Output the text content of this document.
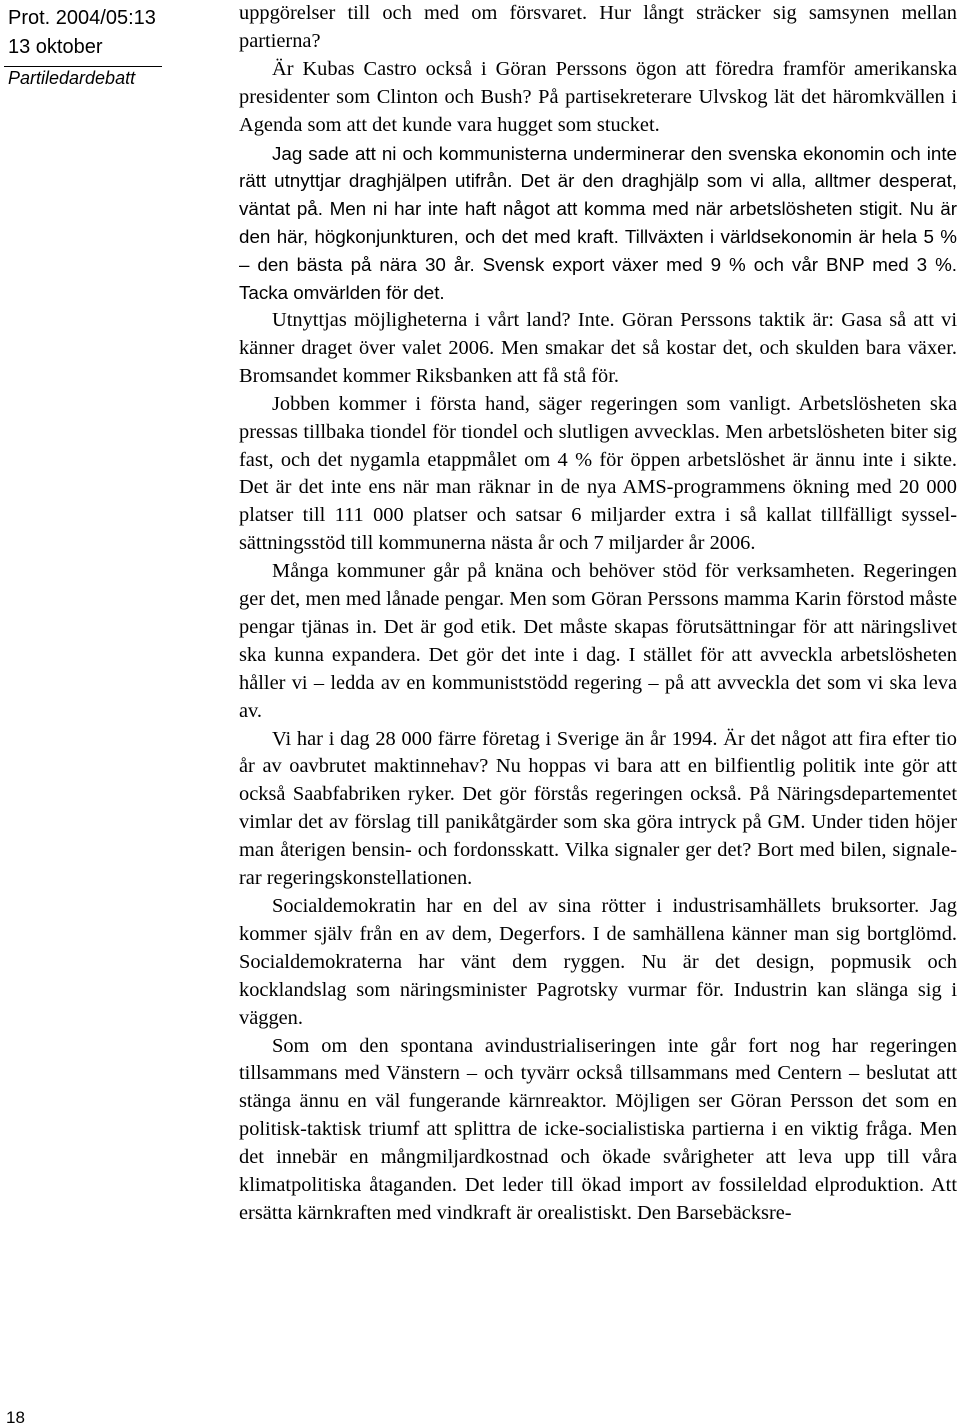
Prot. 2004/05:13
13 oktober
Partiledardebatt
18

uppgörelser till och med om försvaret. Hur långt sträcker sig samsynen mellan partierna?

Är Kubas Castro också i Göran Perssons ögon att föredra framför amerikanska presidenter som Clinton och Bush? På partisekreterare Ulvskog lät det häromkvällen i Agenda som att det kunde vara hugget som stucket.

Jag sade att ni och kommunisterna underminerar den svenska ekonomin och inte rätt utnyttjar draghjälpen utifrån. Det är den draghjälp som vi alla, alltmer desperat, väntat på. Men ni har inte haft något att komma med när arbetslösheten stigit. Nu är den här, högkonjunkturen, och det med kraft. Tillväxten i världsekonomin är hela 5 % – den bästa på nära 30 år. Svensk export växer med 9 % och vår BNP med 3 %. Tacka omvärlden för det.

Utnyttjas möjligheterna i vårt land? Inte. Göran Perssons taktik är: Gasa så att vi känner draget över valet 2006. Men smakar det så kostar det, och skulden bara växer. Bromsandet kommer Riksbanken att få stå för.

Jobben kommer i första hand, säger regeringen som vanligt. Arbetslösheten ska pressas tillbaka tiondel för tiondel och slutligen avvecklas. Men arbetslösheten biter sig fast, och det nygamla etappmålet om 4 % för öppen arbetslöshet är ännu inte i sikte. Det är det inte ens när man räknar in de nya AMS-programmens ökning med 20 000 platser till 111 000 platser och satsar 6 miljarder extra i så kallat tillfälligt sysselsättningsstöd till kommunerna nästa år och 7 miljarder år 2006.

Många kommuner går på knäna och behöver stöd för verksamheten. Regeringen ger det, men med lånade pengar. Men som Göran Perssons mamma Karin förstod måste pengar tjänas in. Det är god etik. Det måste skapas förutsättningar för att näringslivet ska kunna expandera. Det gör det inte i dag. I stället för att avveckla arbetslösheten håller vi – ledda av en kommuniststödd regering – på att avveckla det som vi ska leva av.

Vi har i dag 28 000 färre företag i Sverige än år 1994. Är det något att fira efter tio år av oavbrutet maktinnehav? Nu hoppas vi bara att en bilfientlig politik inte gör att också Saabfabriken ryker. Det gör förstås regeringen också. På Näringsdepartementet vimlar det av förslag till panikåtgärder som ska göra intryck på GM. Under tiden höjer man återigen bensin- och fordonsskatt. Vilka signaler ger det? Bort med bilen, signalerar regeringskonstellationen.

Socialdemokratin har en del av sina rötter i industrisamhällets bruksorter. Jag kommer själv från en av dem, Degerfors. I de samhällena känner man sig bortglömd. Socialdemokraterna har vänt dem ryggen. Nu är det design, popmusik och kocklandslag som näringsminister Pagrotsky vurmar för. Industrin kan slänga sig i väggen.

Som om den spontana avindustrialiseringen inte går fort nog har regeringen tillsammans med Vänstern – och tyvärr också tillsammans med Centern – beslutat att stänga ännu en väl fungerande kärnreaktor. Möjligen ser Göran Persson det som en politisk-taktisk triumf att splittra de icke-socialistiska partierna i en viktig fråga. Men det innebär en mångmiljardkostnad och ökade svårigheter att leva upp till våra klimatpolitiska åtaganden. Det leder till ökad import av fossileldad elproduktion. Att ersätta kärnkraften med vindkraft är orealistiskt. Den Barsebäcksre-
